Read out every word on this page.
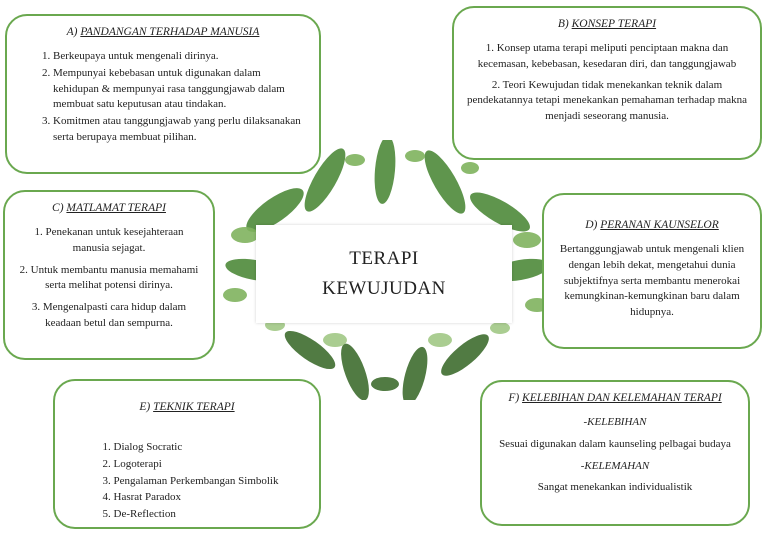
TERAPI
KEWUJUDAN
A) PANDANGAN TERHADAP MANUSIA
1. Berkeupaya untuk mengenali dirinya.
2. Mempunyai kebebasan untuk digunakan dalam kehidupan & mempunyai rasa tanggungjawab dalam membuat satu keputusan atau tindakan.
3. Komitmen atau tanggungjawab yang perlu dilaksanakan serta berupaya membuat pilihan.
B) KONSEP TERAPI

1. Konsep utama terapi meliputi penciptaan makna dan kecemasan, kebebasan, kesedaran diri, dan tanggungjawab

2. Teori Kewujudan tidak menekankan teknik dalam pendekatannya tetapi menekankan pemahaman terhadap makna menjadi seseorang manusia.

C) MATLAMAT TERAPI

1. Penekanan untuk kesejahteraan manusia sejagat.

2. Untuk membantu manusia memahami serta melihat potensi dirinya.

3. Mengenalpasti cara hidup dalam keadaan betul dan sempurna.

D) PERANAN KAUNSELOR

Bertanggungjawab untuk mengenali klien dengan lebih dekat, mengetahui dunia subjektifnya serta membantu menerokai kemungkinan-kemungkinan baru dalam hidupnya.

E) TEKNIK TERAPI
1. Dialog Socratic
2. Logoterapi
3. Pengalaman Perkembangan Simbolik
4. Hasrat Paradox
5. De-Reflection
F) KELEBIHAN DAN KELEMAHAN TERAPI

-KELEBIHAN

Sesuai digunakan dalam kaunseling pelbagai budaya

-KELEMAHAN

Sangat menekankan individualistik
